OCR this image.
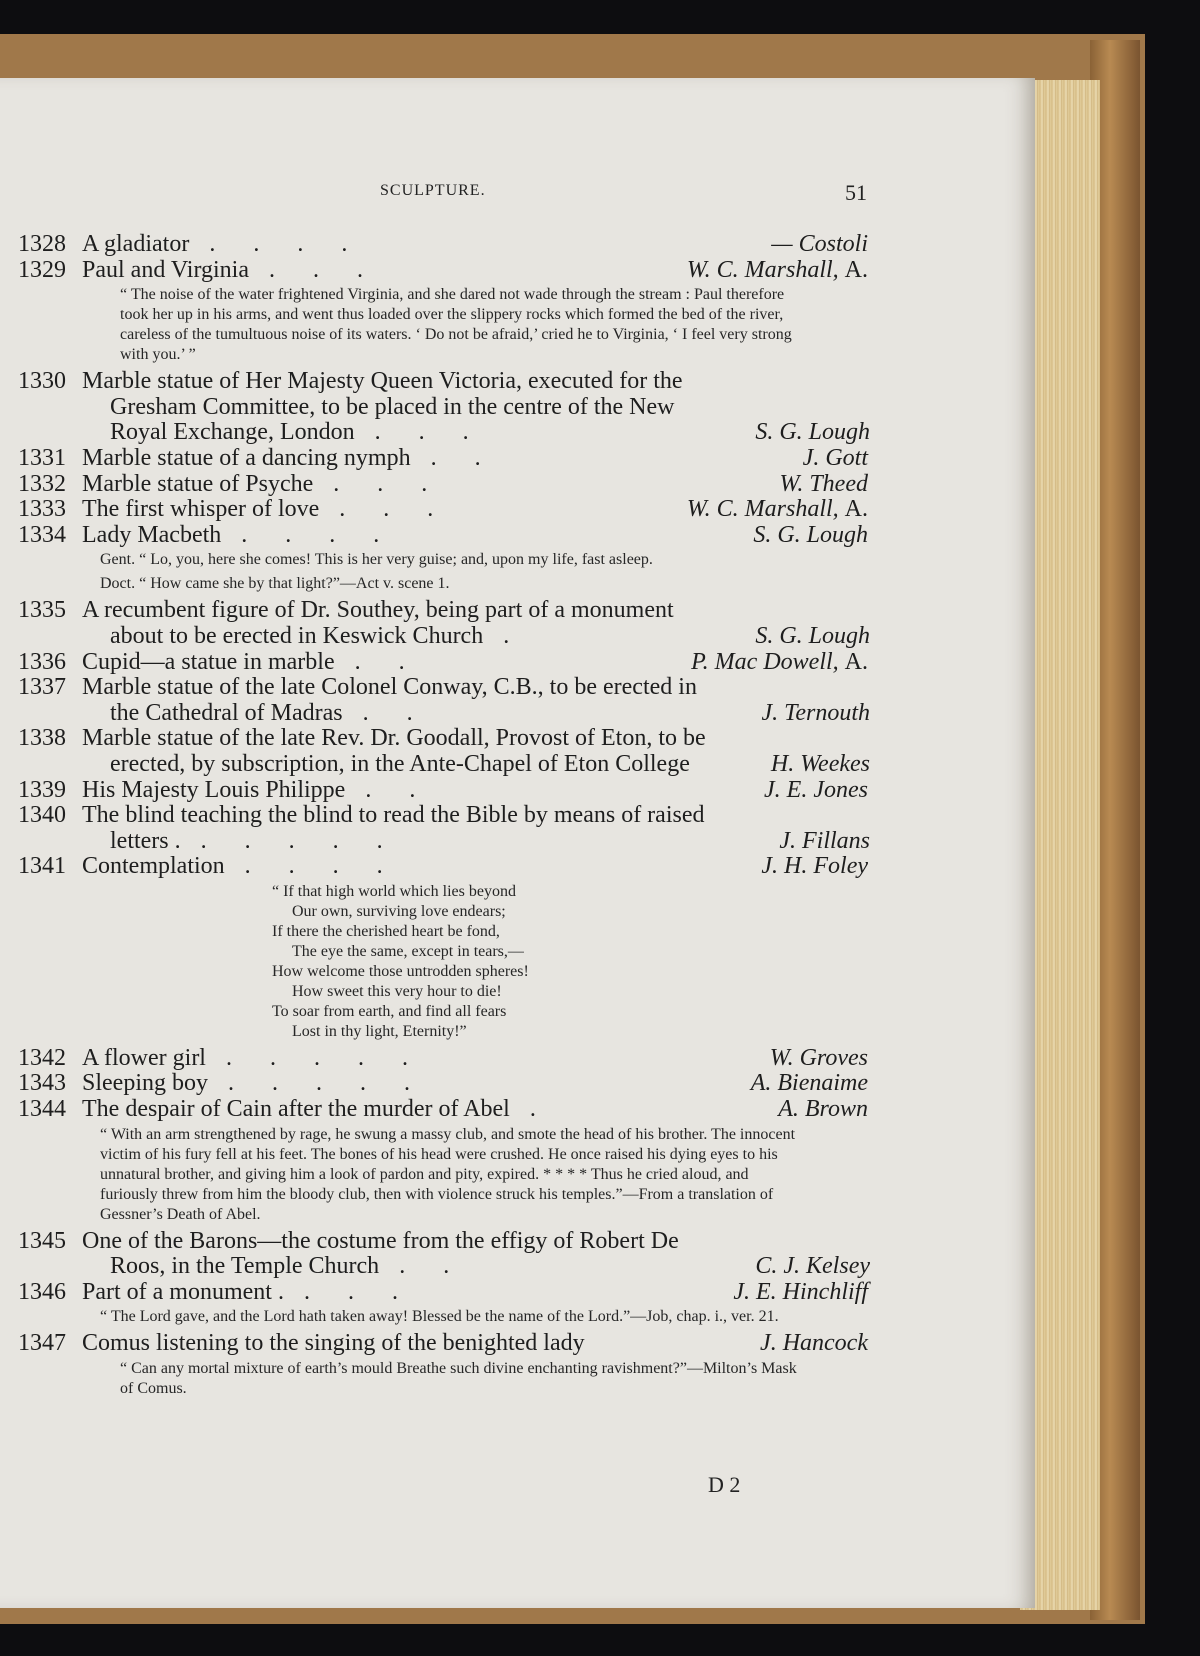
SCULPTURE.	51
1328 A gladiator ....	— Costoli
1329 Paul and Virginia ...	W. C. Marshall, A.
“ The noise of the water frightened Virginia, and she dared not wade through the stream : Paul therefore took her up in his arms, and went thus loaded over the slippery rocks which formed the bed of the river, careless of the tumultuous noise of its waters. ‘ Do not be afraid,’ cried he to Virginia, ‘ I feel very strong with you.’ ”
1330 Marble statue of Her Majesty Queen Victoria, executed for the
Gresham Committee, to be placed in the centre of the New
Royal Exchange, London ...	S. G. Lough
1331 Marble statue of a dancing nymph ..	J. Gott
1332 Marble statue of Psyche ...	W. Theed
1333 The first whisper of love ...	W. C. Marshall, A.
1334 Lady Macbeth ....	S. G. Lough
Gent. “ Lo, you, here she comes! This is her very guise; and, upon my life, fast asleep.
Doct. “ How came she by that light?”—Act v. scene 1.
1335 A recumbent figure of Dr. Southey, being part of a monument
about to be erected in Keswick Church .	S. G. Lough
1336 Cupid—a statue in marble ..	P. Mac Dowell, A.
1337 Marble statue of the late Colonel Conway, C.B., to be erected in
the Cathedral of Madras ..	J. Ternouth
1338 Marble statue of the late Rev. Dr. Goodall, Provost of Eton, to be
erected, by subscription, in the Ante-Chapel of Eton College	H. Weekes
1339 His Majesty Louis Philippe ..	J. E. Jones
1340 The blind teaching the blind to read the Bible by means of raised
letters . .....	J. Fillans
1341 Contemplation ....	J. H. Foley
“ If that high world which lies beyond
Our own, surviving love endears;
If there the cherished heart be fond,
The eye the same, except in tears,—
How welcome those untrodden spheres!
How sweet this very hour to die!
To soar from earth, and find all fears
Lost in thy light, Eternity!”
1342 A flower girl .....	W. Groves
1343 Sleeping boy .....	A. Bienaime
1344 The despair of Cain after the murder of Abel .	A. Brown
“ With an arm strengthened by rage, he swung a massy club, and smote the head of his brother. The innocent victim of his fury fell at his feet. The bones of his head were crushed. He once raised his dying eyes to his unnatural brother, and giving him a look of pardon and pity, expired. * * * * Thus he cried aloud, and furiously threw from him the bloody club, then with violence struck his temples.”—From a translation of Gessner’s Death of Abel.
1345 One of the Barons—the costume from the effigy of Robert De
Roos, in the Temple Church ..	C. J. Kelsey
1346 Part of a monument . ...	J. E. Hinchliff
“ The Lord gave, and the Lord hath taken away! Blessed be the name of the Lord.”—Job, chap. i., ver. 21.
1347 Comus listening to the singing of the benighted lady	J. Hancock
“ Can any mortal mixture of earth’s mould Breathe such divine enchanting ravishment?”—Milton’s Mask of Comus.
D 2
